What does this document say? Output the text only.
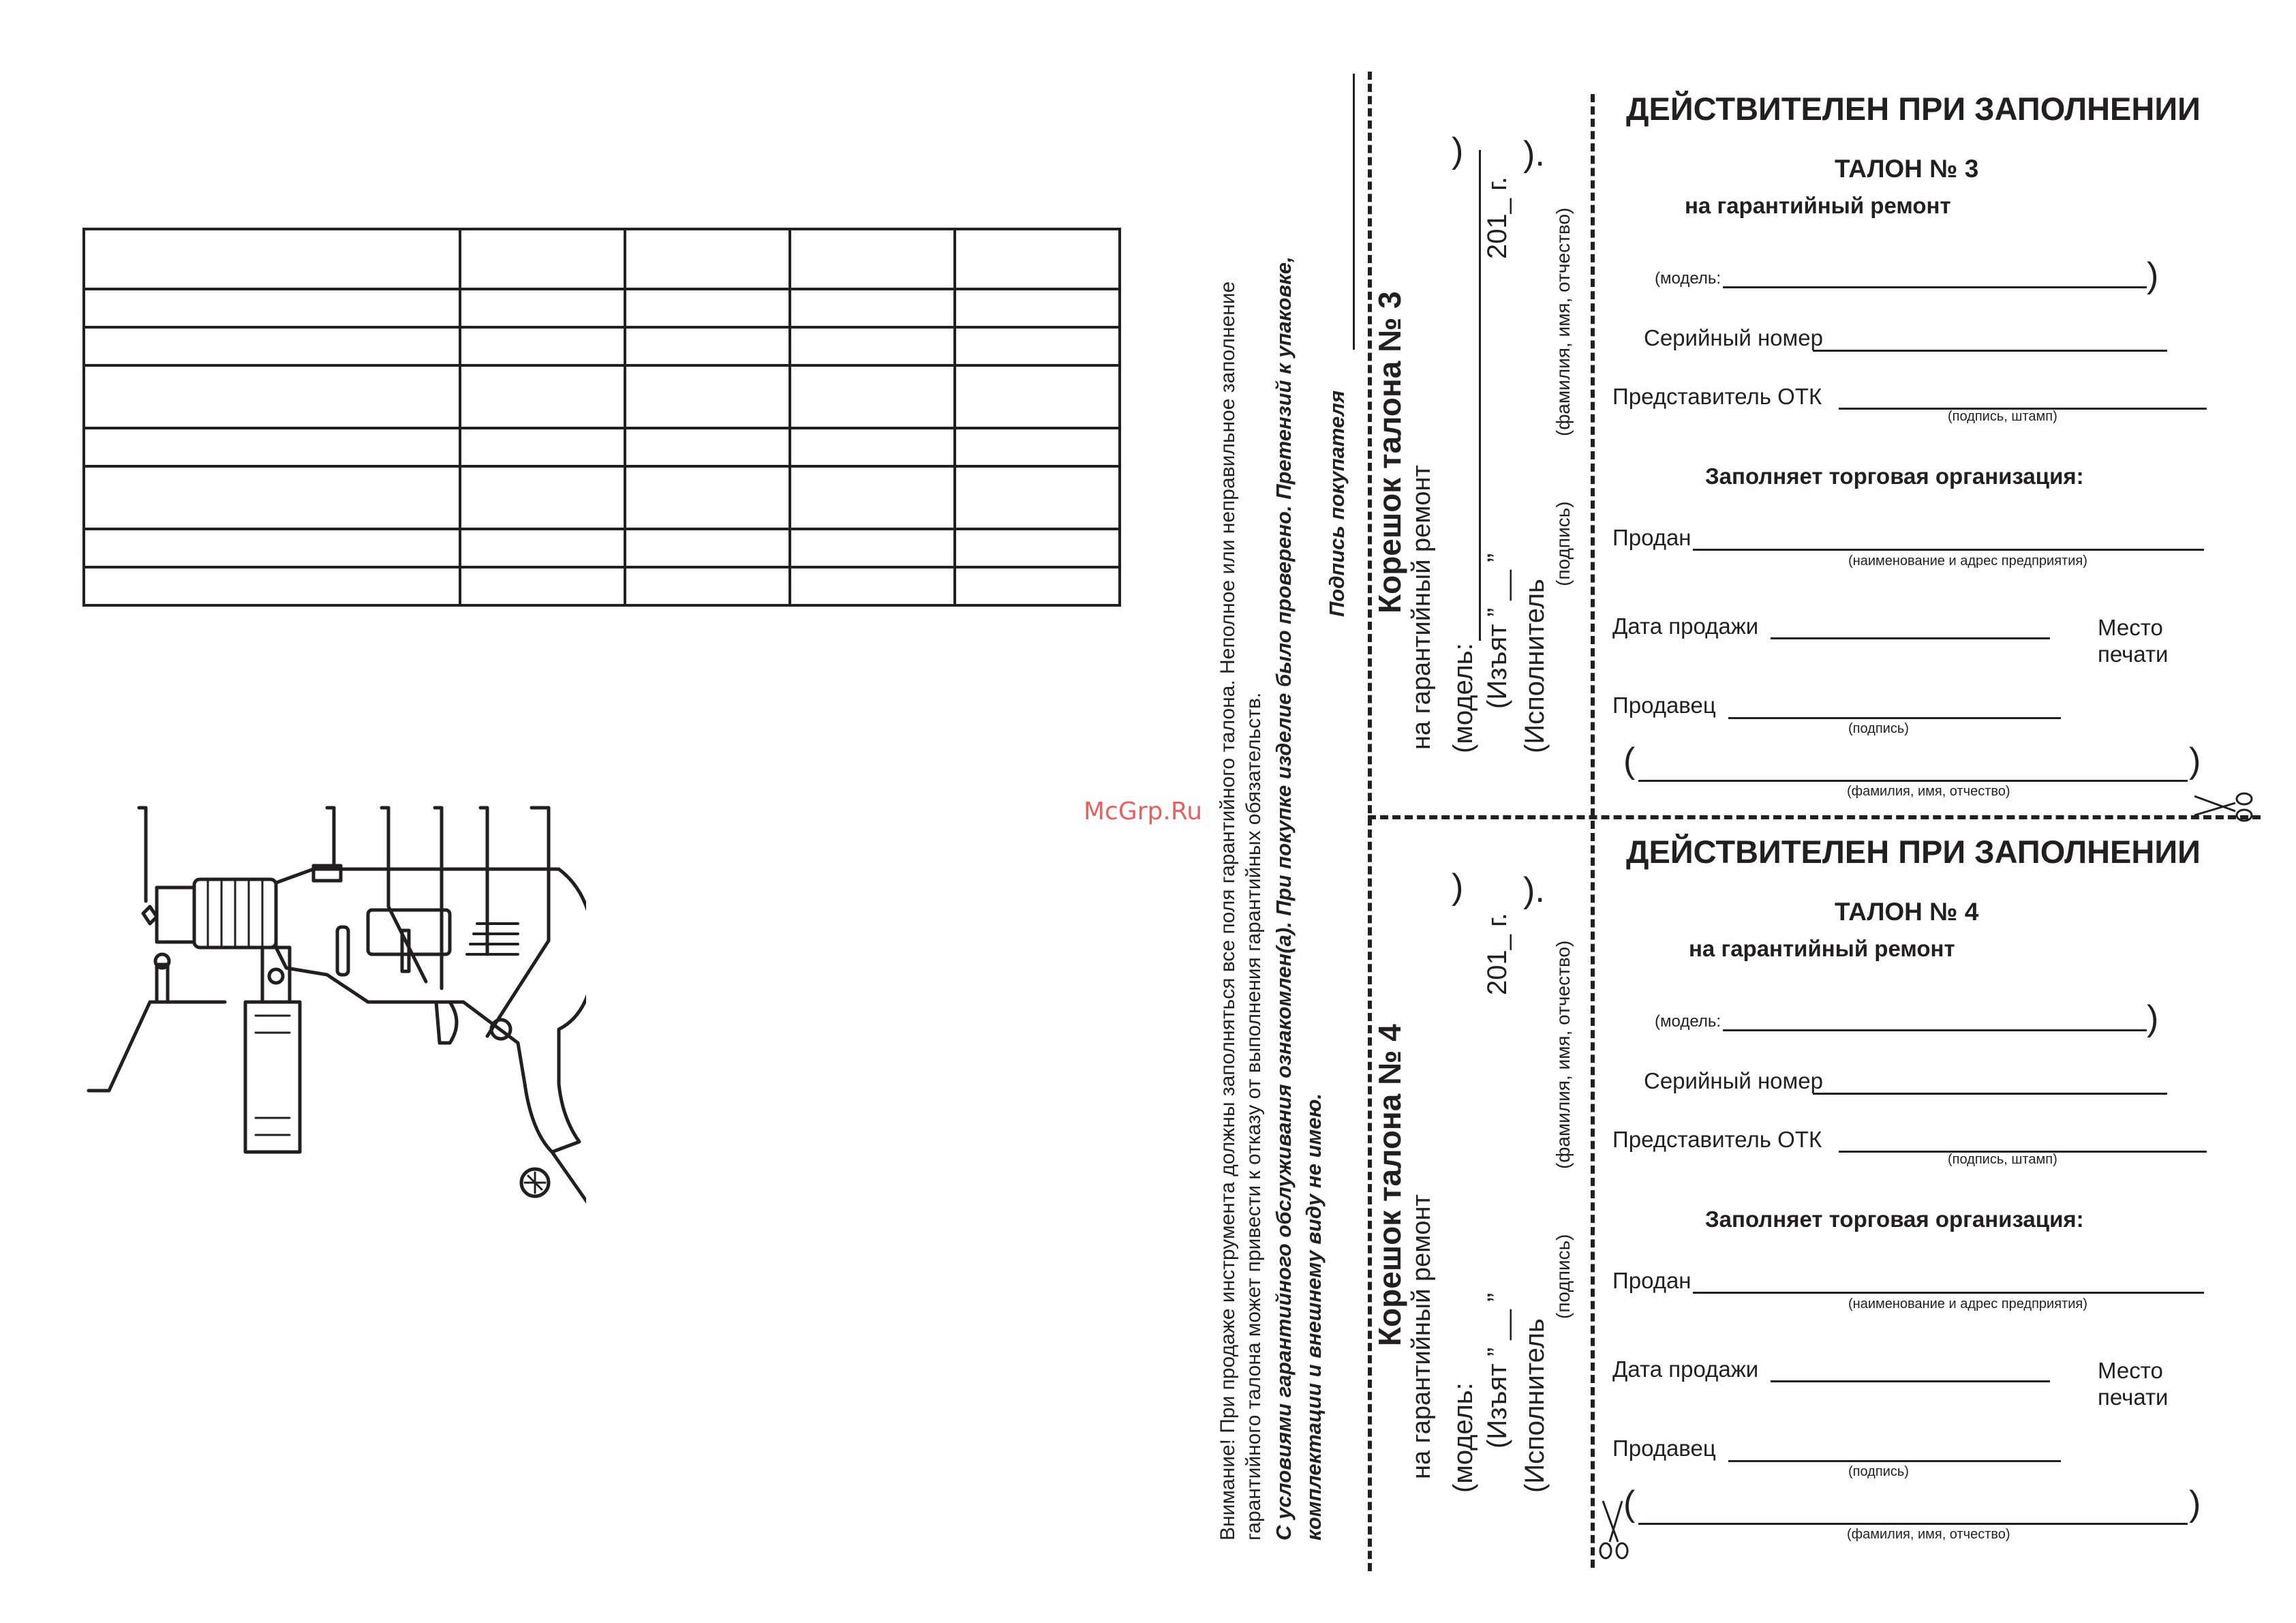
McGrp.Ru Внимание! При продаже инструмента должны заполняться все поля гарантийного талона. Неполное или неправильное заполнение гарантийного талона может привести к отказу от выполнения гарантийных обязательств. С условиями гарантийного обслуживания ознакомлен(а). При покупке изделие было проверено. Претензий к упаковке, комплектации и внешнему виду не имею.
Подпись покупателя Корешок талона № 3 на гарантийный ремонт (модель:
)
(Изъят
” __ ”
201_ г.
(Исполнитель
).
(подпись)
(фамилия, имя, отчество)
Корешок талона № 4 на гарантийный ремонт (модель:
)
(Изъят
” __ ”
201_ г.
(Исполнитель
).
(подпись)
(фамилия, имя, отчество)
ДЕЙСТВИТЕЛЕН ПРИ ЗАПОЛНЕНИИ
ТАЛОН № 3
на гарантийный ремонт
(модель:	)
Серийный номер
Представитель ОТК
(подпись, штамп)
Заполняет торговая организация:
Продан
(наименование и адрес предприятия)
Дата продажи	Место
печати
Продавец
(подпись)
(	)
(фамилия, имя, отчество)
ДЕЙСТВИТЕЛЕН ПРИ ЗАПОЛНЕНИИ
ТАЛОН № 4
на гарантийный ремонт
(модель:	)
Серийный номер
Представитель ОТК
(подпись, штамп)
Заполняет торговая организация:
Продан
(наименование и адрес предприятия)
Дата продажи	Место
печати
Продавец
(подпись)
(	)
(фамилия, имя, отчество)
